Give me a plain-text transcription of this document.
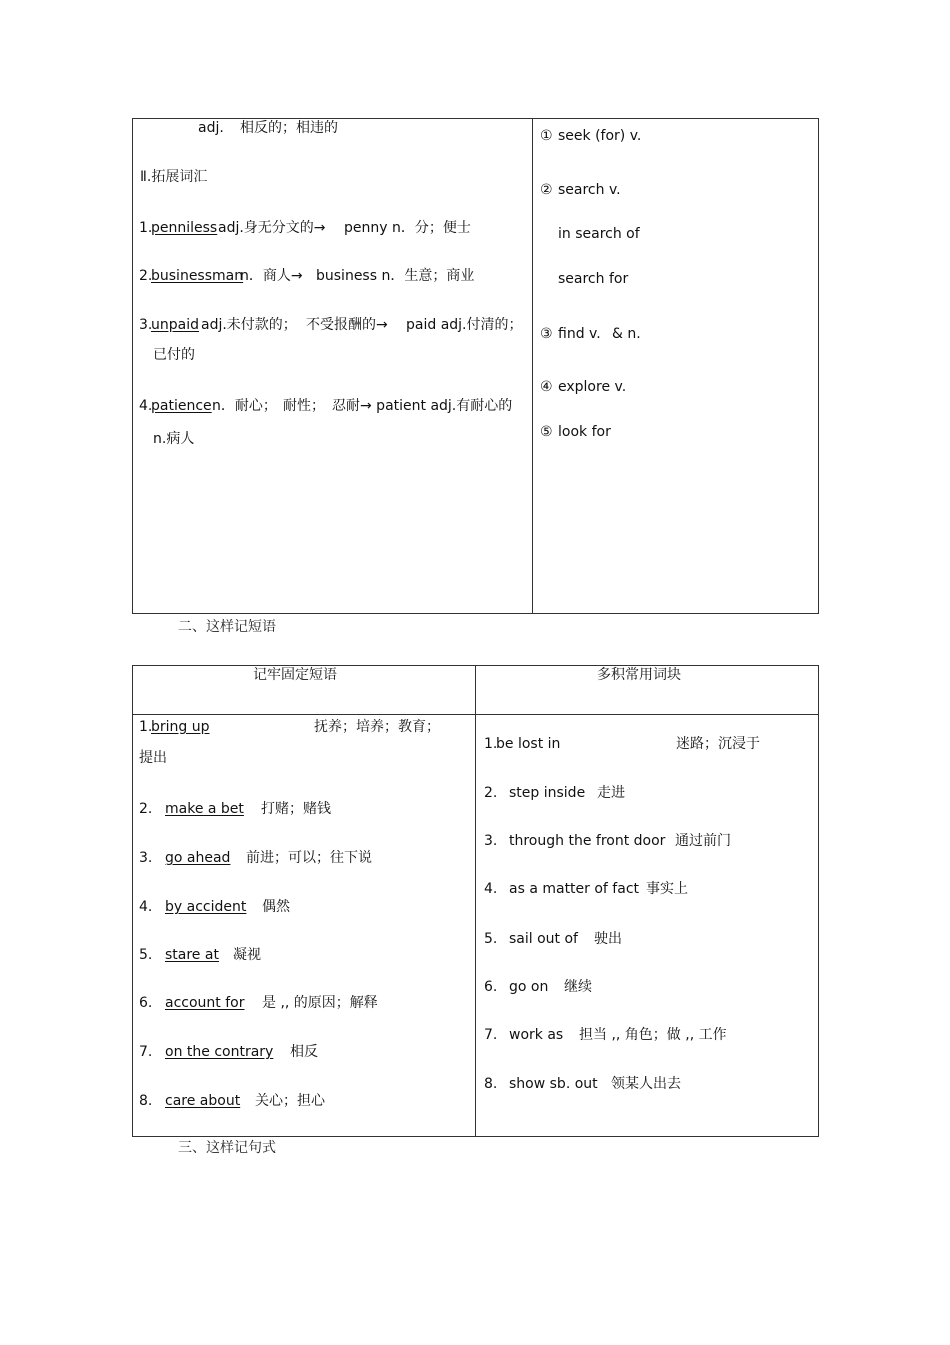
adj. 相反的；相违的
Ⅱ.拓展词汇
1.
penniless adj.身无分文的→ penny n．分；便士
2.
businessman
n．商人→ business n．生意；商业
3.
unpaid adj.未付款的； 不受报酬的→ paid adj.付清的；
已付的
4.
patience n．耐心； 耐性； 忍耐→ patient adj.有耐心的
n.病人
① seek (for) v.
② search v.
in search of
search for
③ find v. & n.
④ explore v.
⑤ look for
二、这样记短语
记牢固定短语	多积常用词块
1.
bring up	抚养；培养；教育；
提出
2. make a bet 打赌；赌钱
3. go ahead 前进；可以；往下说
4. by accident 偶然
5. stare at 凝视
6. account for 是 ,, 的原因；解释
7. on the contrary 相反
8. care about 关心；担心
1.
be lost in	迷路；沉浸于
2. step inside 走进
3. through the front door 通过前门
4. as a matter of fact 事实上
5. sail out of 驶出
6. go on 继续
7. work as 担当 ,, 角色；做 ,, 工作
8. show sb. out 领某人出去
三、这样记句式
